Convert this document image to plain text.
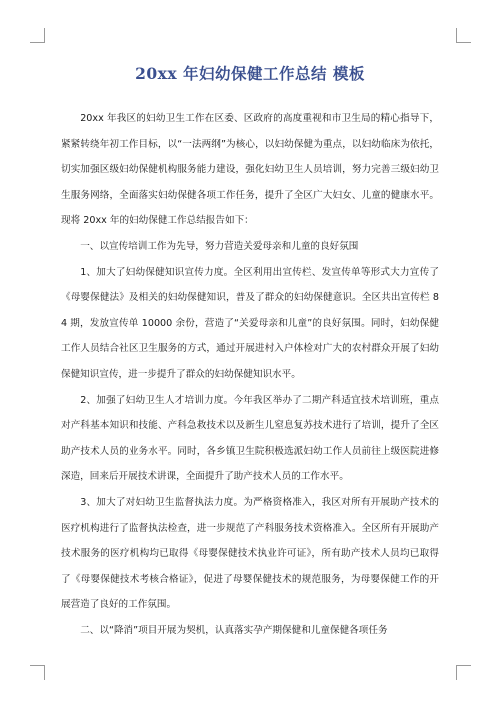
20xx 年妇幼保健工作总结 模板

20xx 年我区的妇幼卫生工作在区委、区政府的高度重视和市卫生局的精心指导下，紧紧转绕年初工作目标，以“一法两纲”为核心，以妇幼保健为重点，以妇幼临床为依托，切实加强区级妇幼保健机构服务能力建设，强化妇幼卫生人员培训，努力完善三级妇幼卫生服务网络，全面落实妇幼保健各项工作任务，提升了全区广大妇女、儿童的健康水平。现将 20xx 年的妇幼保健工作总结报告如下：

一、以宣传培训工作为先导，努力营造关爱母亲和儿童的良好氛围

1、加大了妇幼保健知识宣传力度。全区利用出宣传栏、发宣传单等形式大力宣传了《母婴保健法》及相关的妇幼保健知识，普及了群众的妇幼保健意识。全区共出宣传栏 84 期，发放宣传单 10000 余份，营造了“关爱母亲和儿童”的良好氛围。同时，妇幼保健工作人员结合社区卫生服务的方式，通过开展进村入户体检对广大的农村群众开展了妇幼保健知识宣传，进一步提升了群众的妇幼保健知识水平。

2、加强了妇幼卫生人才培训力度。今年我区举办了二期产科适宜技术培训班，重点对产科基本知识和技能、产科急救技术以及新生儿窒息复苏技术进行了培训，提升了全区助产技术人员的业务水平。同时，各乡镇卫生院积极选派妇幼工作人员前往上级医院进修深造，回来后开展技术讲课，全面提升了助产技术人员的工作水平。

3、加大了对妇幼卫生监督执法力度。为严格资格准入，我区对所有开展助产技术的医疗机构进行了监督执法检查，进一步规范了产科服务技术资格准入。全区所有开展助产技术服务的医疗机构均已取得《母婴保健技术执业许可证》，所有助产技术人员均已取得了《母婴保健技术考核合格证》，促进了母婴保健技术的规范服务，为母婴保健工作的开展营造了良好的工作氛围。

二、以“降消”项目开展为契机，认真落实孕产期保健和儿童保健各项任务
